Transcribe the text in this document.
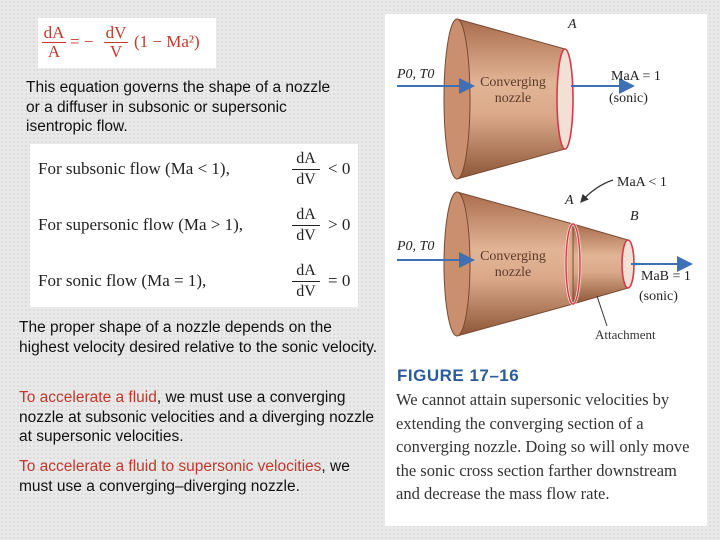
$\frac{dA}{A}$ = − $\frac{dV}{V} (1 - Ma^2)$
This equation governs the shape of a nozzle or a diffuser in subsonic or supersonic isentropic flow.
For subsonic flow (Ma < 1),	$\frac{dA}{dV} < 0$
For supersonic flow (Ma > 1),	$\frac{dA}{dV} > 0$
For sonic flow (Ma = 1),	$\frac{dA}{dV} = 0$
The proper shape of a nozzle depends on the highest velocity desired relative to the sonic velocity.
To accelerate a fluid, we must use a converging nozzle at subsonic velocities and a diverging nozzle at supersonic velocities.
To accelerate a fluid to supersonic velocities, we must use a converging–diverging nozzle.
A
P0, T0
Converging
nozzle
MaA = 1
(sonic)
A
B
MaA < 1
P0, T0
Converging
nozzle	MaB = 1
(sonic)
Attachment
FIGURE 17–16
We cannot attain supersonic velocities by extending the converging section of a converging nozzle. Doing so will only move the sonic cross section farther downstream and decrease the mass flow rate.
